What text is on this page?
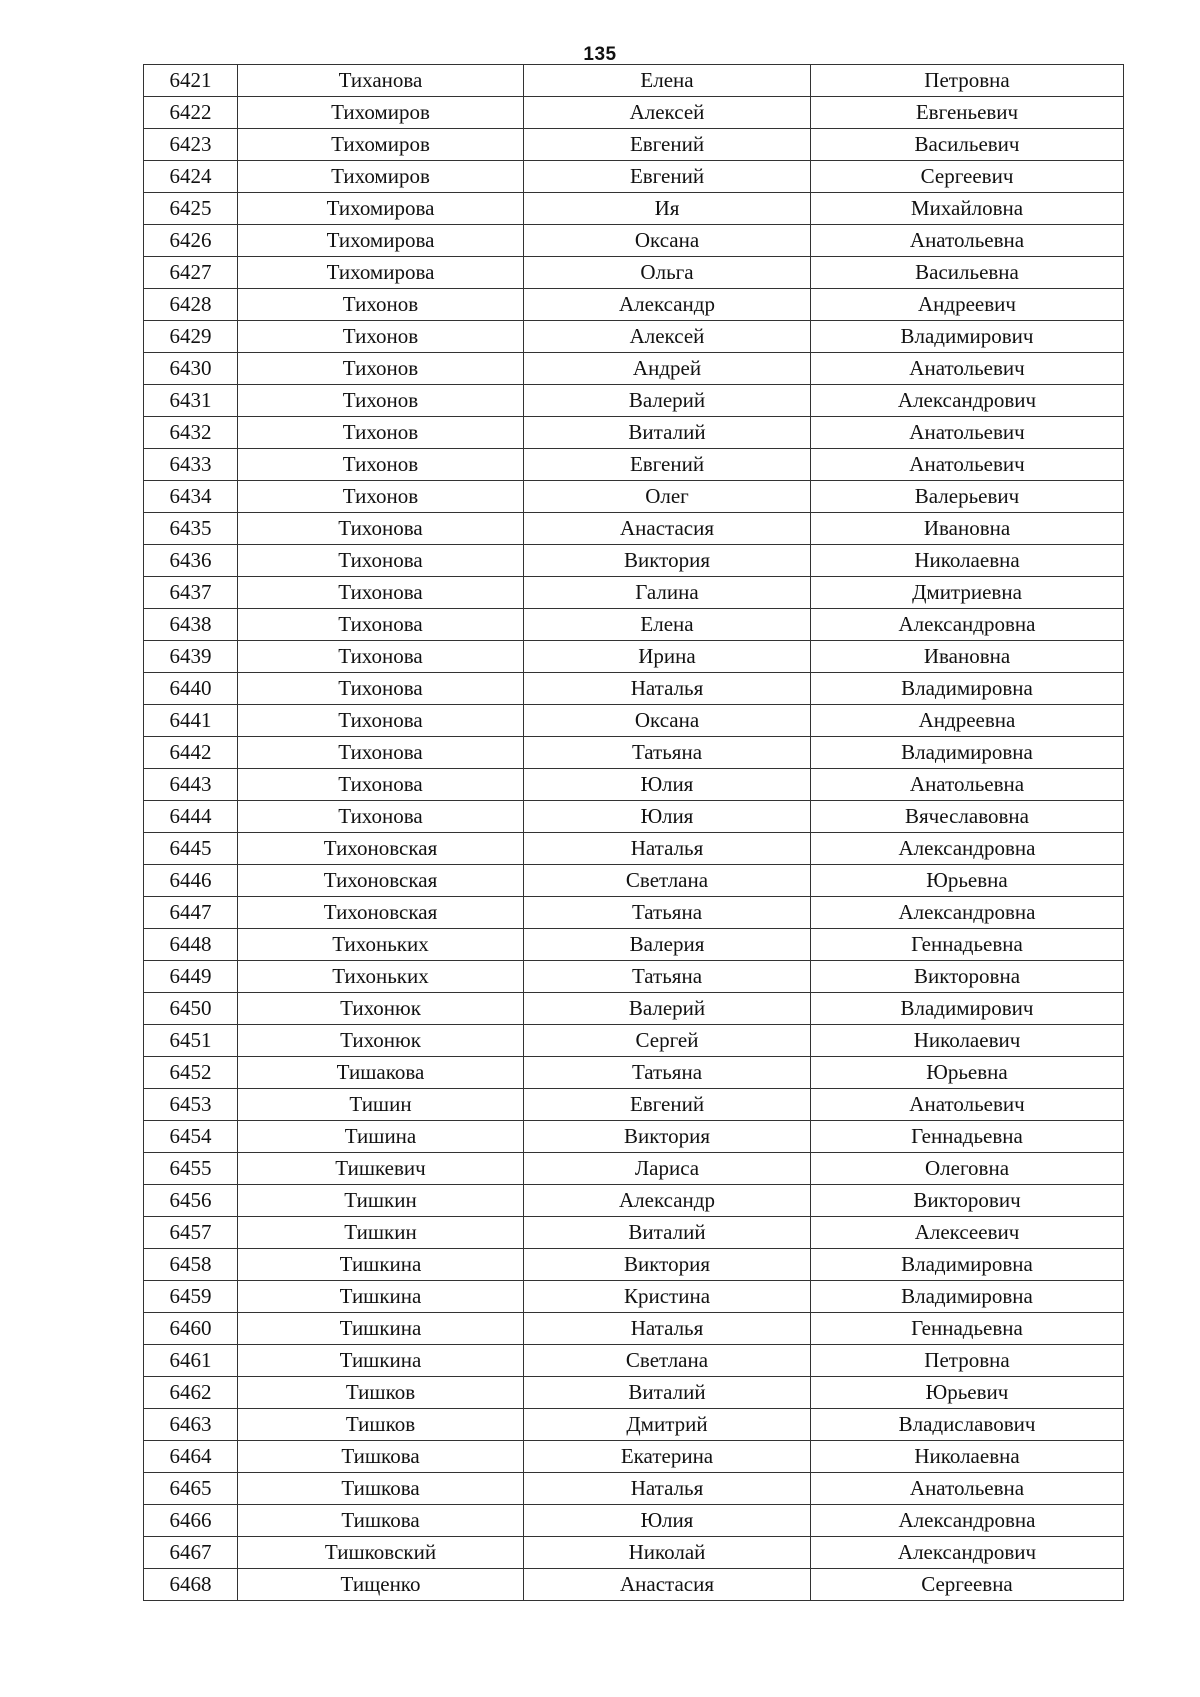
135
6421	Тиханова	Елена	Петровна
6422	Тихомиров	Алексей	Евгеньевич
6423	Тихомиров	Евгений	Васильевич
6424	Тихомиров	Евгений	Сергеевич
6425	Тихомирова	Ия	Михайловна
6426	Тихомирова	Оксана	Анатольевна
6427	Тихомирова	Ольга	Васильевна
6428	Тихонов	Александр	Андреевич
6429	Тихонов	Алексей	Владимирович
6430	Тихонов	Андрей	Анатольевич
6431	Тихонов	Валерий	Александрович
6432	Тихонов	Виталий	Анатольевич
6433	Тихонов	Евгений	Анатольевич
6434	Тихонов	Олег	Валерьевич
6435	Тихонова	Анастасия	Ивановна
6436	Тихонова	Виктория	Николаевна
6437	Тихонова	Галина	Дмитриевна
6438	Тихонова	Елена	Александровна
6439	Тихонова	Ирина	Ивановна
6440	Тихонова	Наталья	Владимировна
6441	Тихонова	Оксана	Андреевна
6442	Тихонова	Татьяна	Владимировна
6443	Тихонова	Юлия	Анатольевна
6444	Тихонова	Юлия	Вячеславовна
6445	Тихоновская	Наталья	Александровна
6446	Тихоновская	Светлана	Юрьевна
6447	Тихоновская	Татьяна	Александровна
6448	Тихоньких	Валерия	Геннадьевна
6449	Тихоньких	Татьяна	Викторовна
6450	Тихонюк	Валерий	Владимирович
6451	Тихонюк	Сергей	Николаевич
6452	Тишакова	Татьяна	Юрьевна
6453	Тишин	Евгений	Анатольевич
6454	Тишина	Виктория	Геннадьевна
6455	Тишкевич	Лариса	Олеговна
6456	Тишкин	Александр	Викторович
6457	Тишкин	Виталий	Алексеевич
6458	Тишкина	Виктория	Владимировна
6459	Тишкина	Кристина	Владимировна
6460	Тишкина	Наталья	Геннадьевна
6461	Тишкина	Светлана	Петровна
6462	Тишков	Виталий	Юрьевич
6463	Тишков	Дмитрий	Владиславович
6464	Тишкова	Екатерина	Николаевна
6465	Тишкова	Наталья	Анатольевна
6466	Тишкова	Юлия	Александровна
6467	Тишковский	Николай	Александрович
6468	Тищенко	Анастасия	Сергеевна
